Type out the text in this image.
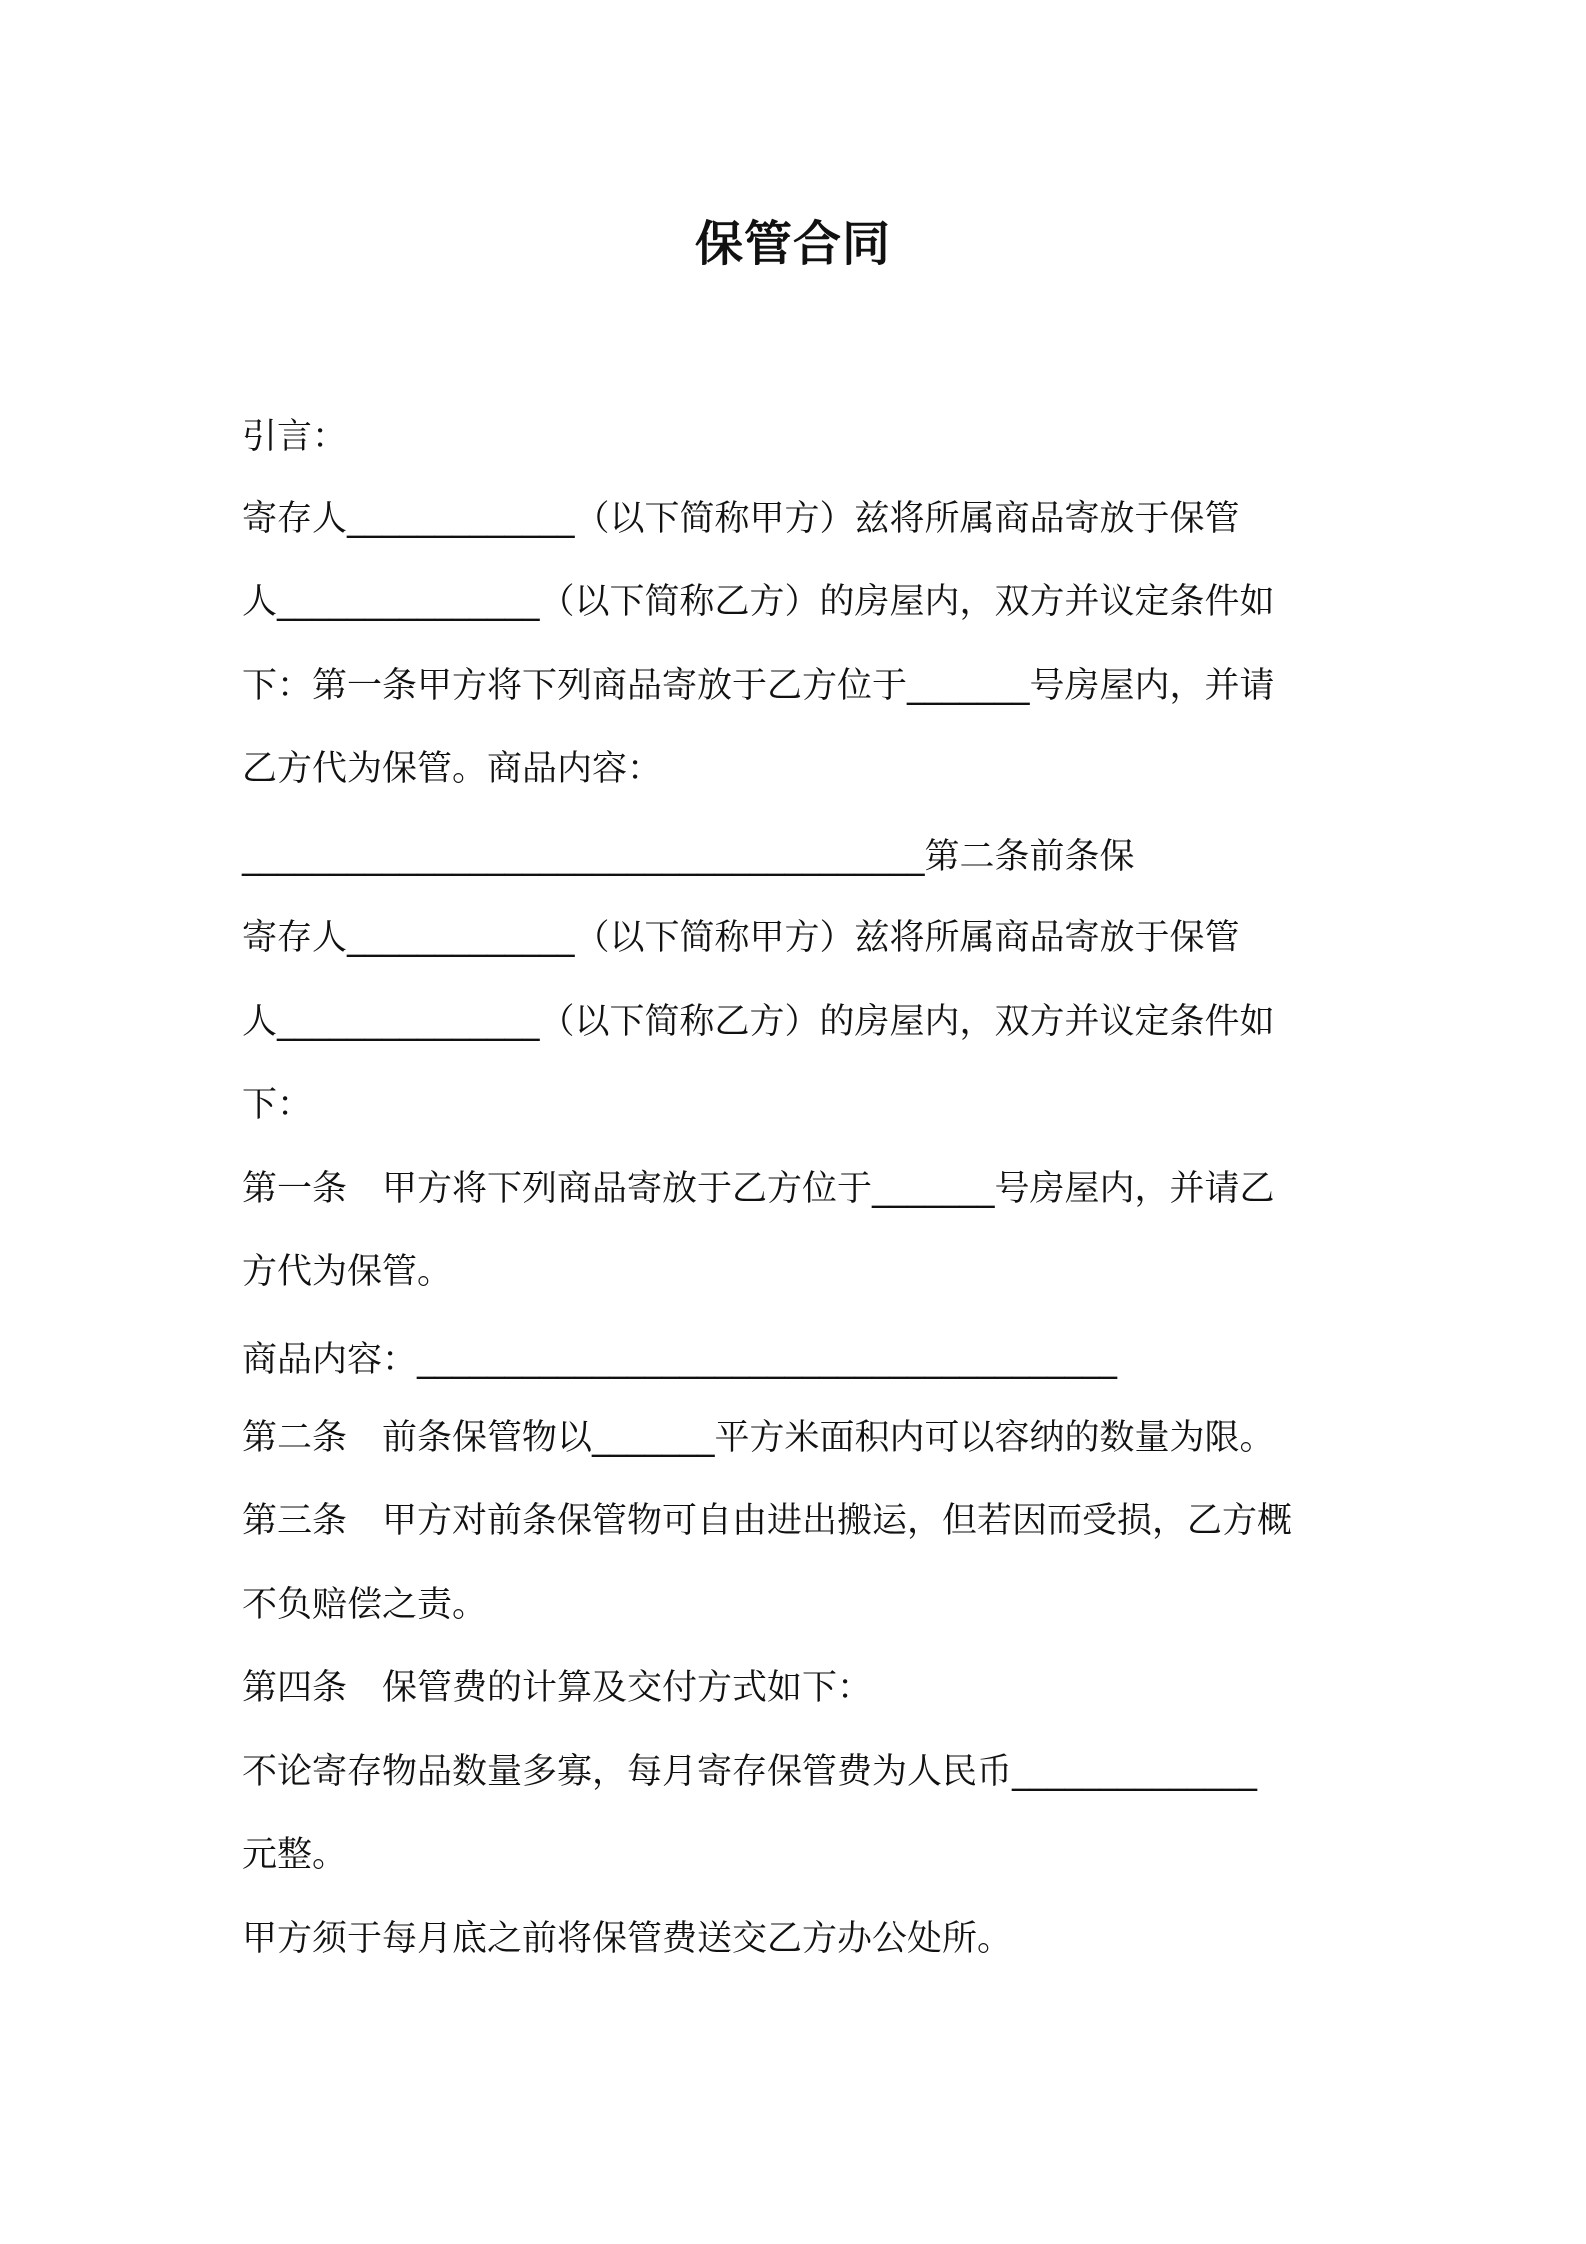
保管合同
引言：
寄存人_____________（以下简称甲方）兹将所属商品寄放于保管
人_______________（以下简称乙方）的房屋内，双方并议定条件如
下：第一条甲方将下列商品寄放于乙方位于_______号房屋内，并请
乙方代为保管。商品内容：
_______________________________________第二条前条保
寄存人_____________（以下简称甲方）兹将所属商品寄放于保管
人_______________（以下简称乙方）的房屋内，双方并议定条件如
下：
第一条　甲方将下列商品寄放于乙方位于_______号房屋内，并请乙
方代为保管。
商品内容：________________________________________
第二条　前条保管物以_______平方米面积内可以容纳的数量为限。
第三条　甲方对前条保管物可自由进出搬运，但若因而受损，乙方概
不负赔偿之责。
第四条　保管费的计算及交付方式如下：
不论寄存物品数量多寡，每月寄存保管费为人民币______________
元整。
甲方须于每月底之前将保管费送交乙方办公处所。
